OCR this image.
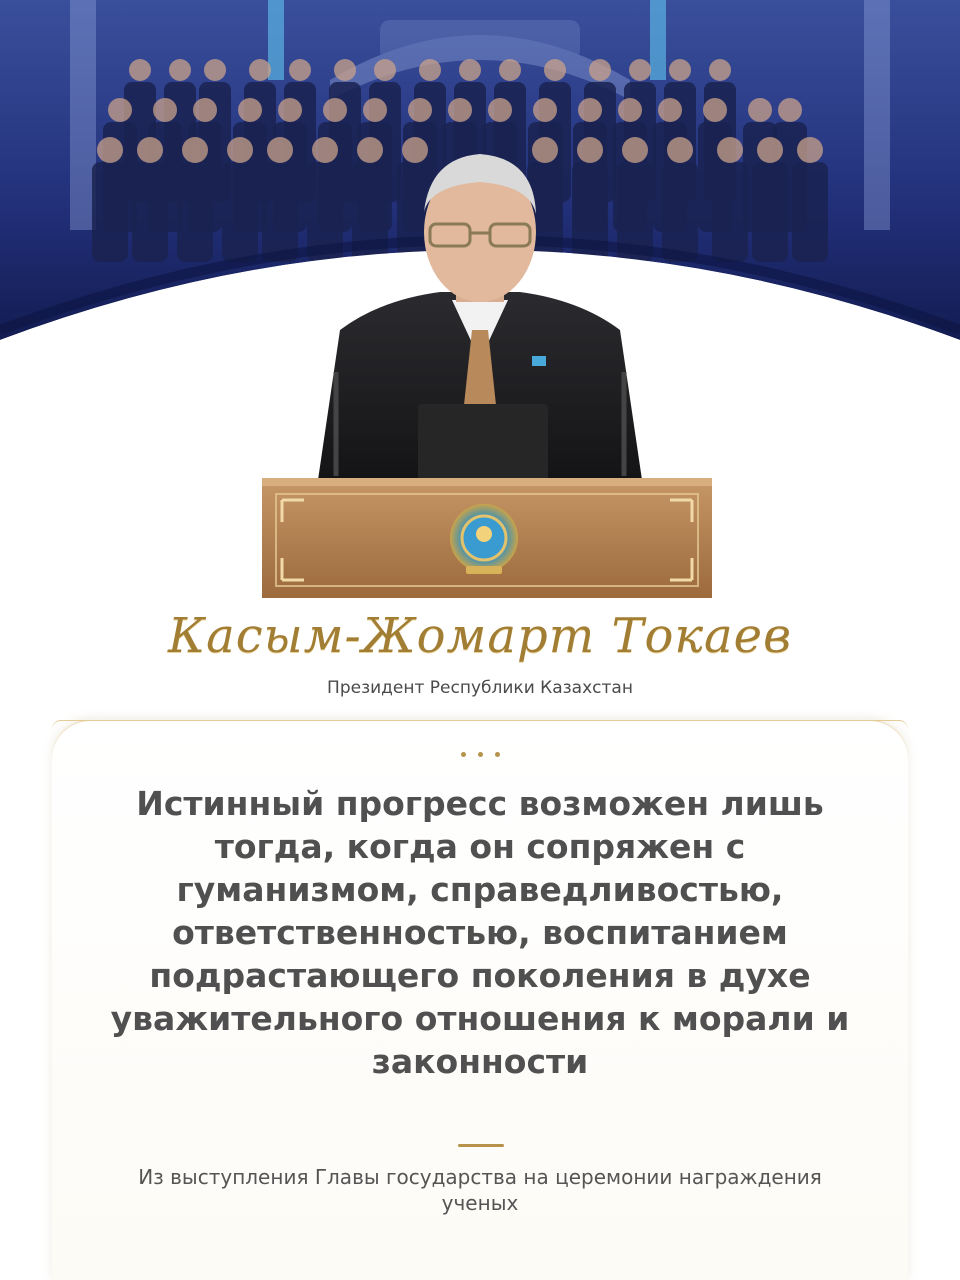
Касым-Жомарт Токаев
Президент Республики Казахстан
Истинный прогресс возможен лишь тогда, когда он сопряжен с гуманизмом, справедливостью, ответственностью, воспитанием подрастающего поколения в духе уважительного отношения к морали и законности
Из выступления Главы государства на церемонии награждения ученых
